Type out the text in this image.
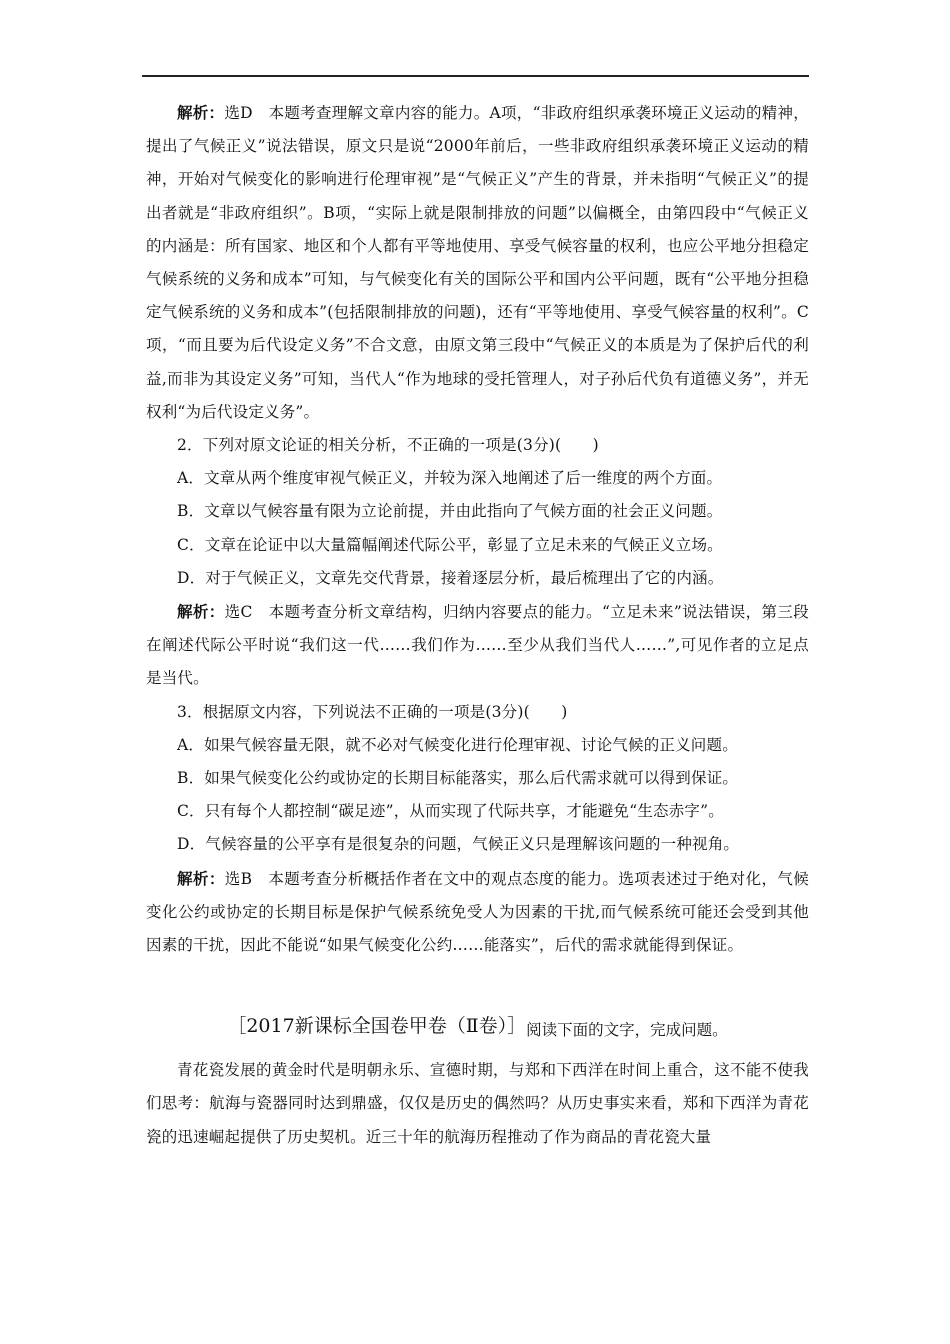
解析：选D　本题考查理解文章内容的能力。A项，“非政府组织承袭环境正义运动的精神，提出了气候正义”说法错误，原文只是说“2000年前后，一些非政府组织承袭环境正义运动的精神，开始对气候变化的影响进行伦理审视”是“气候正义”产生的背景，并未指明“气候正义”的提出者就是“非政府组织”。B项，“实际上就是限制排放的问题”以偏概全，由第四段中“气候正义的内涵是：所有国家、地区和个人都有平等地使用、享受气候容量的权利，也应公平地分担稳定气候系统的义务和成本”可知，与气候变化有关的国际公平和国内公平问题，既有“公平地分担稳定气候系统的义务和成本”(包括限制排放的问题)，还有“平等地使用、享受气候容量的权利”。C项，“而且要为后代设定义务”不合文意，由原文第三段中“气候正义的本质是为了保护后代的利益,而非为其设定义务”可知，当代人“作为地球的受托管理人，对子孙后代负有道德义务”，并无权利“为后代设定义务”。

2．下列对原文论证的相关分析，不正确的一项是(3分)(　　)

A．文章从两个维度审视气候正义，并较为深入地阐述了后一维度的两个方面。

B．文章以气候容量有限为立论前提，并由此指向了气候方面的社会正义问题。

C．文章在论证中以大量篇幅阐述代际公平，彰显了立足未来的气候正义立场。

D．对于气候正义，文章先交代背景，接着逐层分析，最后梳理出了它的内涵。

解析：选C　本题考查分析文章结构，归纳内容要点的能力。“立足未来”说法错误，第三段在阐述代际公平时说“我们这一代……我们作为……至少从我们当代人……”,可见作者的立足点是当代。

3．根据原文内容，下列说法不正确的一项是(3分)(　　)

A．如果气候容量无限，就不必对气候变化进行伦理审视、讨论气候的正义问题。

B．如果气候变化公约或协定的长期目标能落实，那么后代需求就可以得到保证。

C．只有每个人都控制“碳足迹”，从而实现了代际共享，才能避免“生态赤字”。

D．气候容量的公平享有是很复杂的问题，气候正义只是理解该问题的一种视角。

解析：选B　本题考查分析概括作者在文中的观点态度的能力。选项表述过于绝对化，气候变化公约或协定的长期目标是保护气候系统免受人为因素的干扰,而气候系统可能还会受到其他因素的干扰，因此不能说“如果气候变化公约……能落实”，后代的需求就能得到保证。

［2017新课标全国卷甲卷（Ⅱ卷）］阅读下面的文字，完成问题。

青花瓷发展的黄金时代是明朝永乐、宣德时期，与郑和下西洋在时间上重合，这不能不使我们思考：航海与瓷器同时达到鼎盛，仅仅是历史的偶然吗？从历史事实来看，郑和下西洋为青花瓷的迅速崛起提供了历史契机。近三十年的航海历程推动了作为商品的青花瓷大量
